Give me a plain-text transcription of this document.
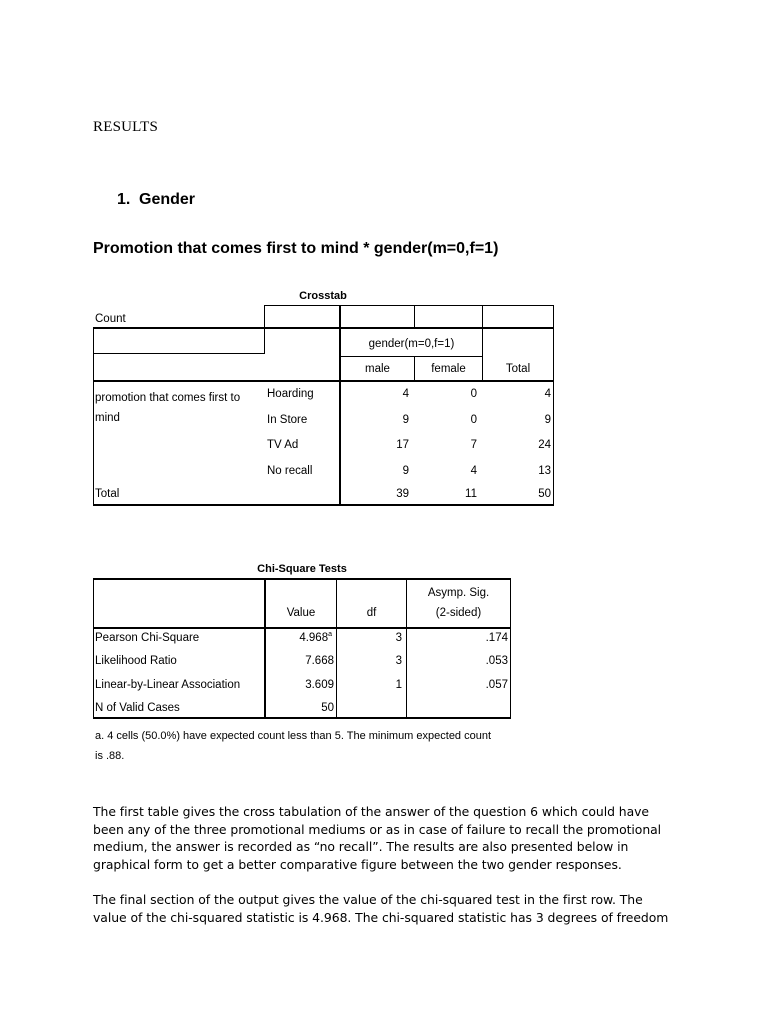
RESULTS
1. Gender
Promotion that comes first to mind * gender(m=0,f=1)
Crosstab
Count
gender(m=0,f=1)
male	female	Total
promotion that comes first to mind
Hoarding	4	0	4
In Store	9	0	9
TV Ad	17	7	24
No recall	9	4	13
Total	39	11	50
Chi-Square Tests
Value	df
Asymp. Sig.
(2-sided)
Pearson Chi-Square	4.968$^a$	3	.174
Likelihood Ratio	7.668	3	.053
Linear-by-Linear Association	3.609	1	.057
N of Valid Cases	50
a. 4 cells (50.0%) have expected count less than 5. The minimum expected count
is .88.
The first table gives the cross tabulation of the answer of the question 6 which could have
been any of the three promotional mediums or as in case of failure to recall the promotional
medium, the answer is recorded as “no recall”. The results are also presented below in
graphical form to get a better comparative figure between the two gender responses.
The final section of the output gives the value of the chi-squared test in the first row. The
value of the chi-squared statistic is 4.968. The chi-squared statistic has 3 degrees of freedom
